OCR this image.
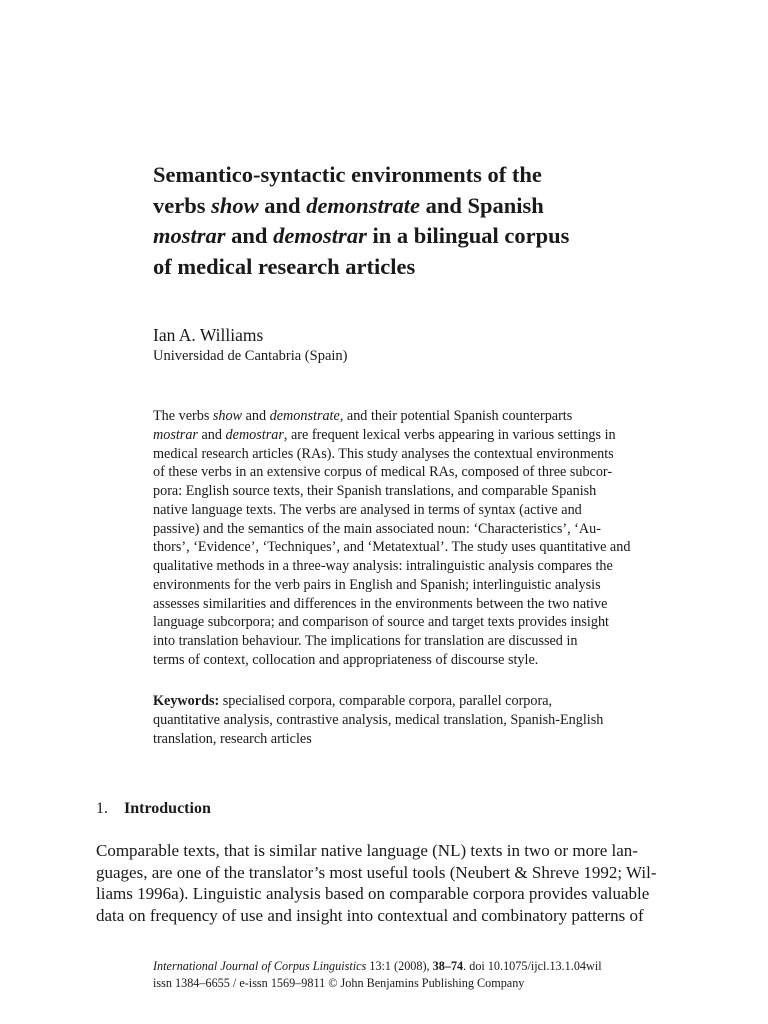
Semantico-syntactic environments of the
verbs show and demonstrate and Spanish
mostrar and demostrar in a bilingual corpus
of medical research articles
Ian A. Williams
Universidad de Cantabria (Spain)
The verbs show and demonstrate, and their potential Spanish counterparts
mostrar and demostrar, are frequent lexical verbs appearing in various settings in
medical research articles (RAs). This study analyses the contextual environments
of these verbs in an extensive corpus of medical RAs, composed of three subcor-
pora: English source texts, their Spanish translations, and comparable Spanish
native language texts. The verbs are analysed in terms of syntax (active and
passive) and the semantics of the main associated noun: ‘Characteristics’, ‘Au-
thors’, ‘Evidence’, ‘Techniques’, and ‘Metatextual’. The study uses quantitative and
qualitative methods in a three-way analysis: intralinguistic analysis compares the
environments for the verb pairs in English and Spanish; interlinguistic analysis
assesses similarities and differences in the environments between the two native
language subcorpora; and comparison of source and target texts provides insight
into translation behaviour. The implications for translation are discussed in
terms of context, collocation and appropriateness of discourse style.
Keywords: specialised corpora, comparable corpora, parallel corpora,
quantitative analysis, contrastive analysis, medical translation, Spanish-English
translation, research articles
1. Introduction
Comparable texts, that is similar native language (NL) texts in two or more lan-
guages, are one of the translator’s most useful tools (Neubert & Shreve 1992; Wil-
liams 1996a). Linguistic analysis based on comparable corpora provides valuable
data on frequency of use and insight into contextual and combinatory patterns of
International Journal of Corpus Linguistics 13:1 (2008), 38–74. doi 10.1075/ijcl.13.1.04wil
issn 1384–6655 / e-issn 1569–9811 © John Benjamins Publishing Company
